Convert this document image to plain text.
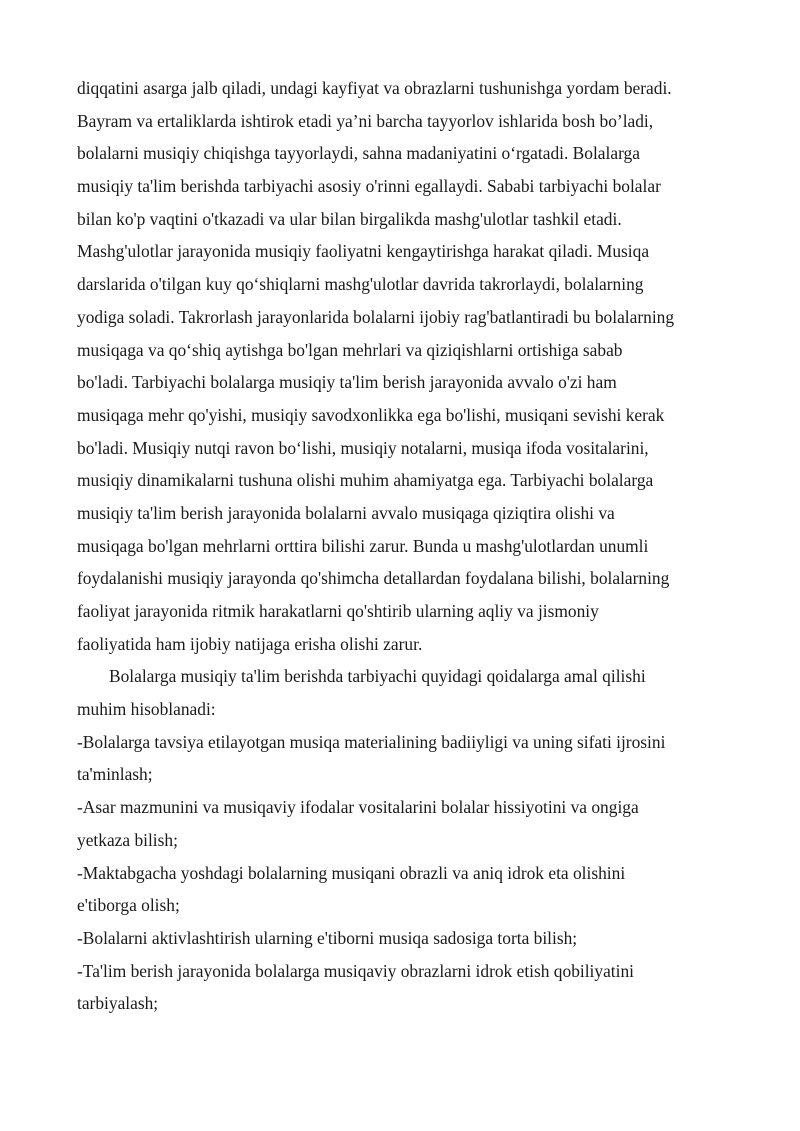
diqqatini asarga jalb qiladi, undagi kayfiyat va obrazlarni tushunishga yordam beradi.
Bayram va ertaliklarda ishtirok etadi ya’ni barcha tayyorlov ishlarida bosh bo’ladi,
bolalarni musiqiy chiqishga tayyorlaydi, sahna madaniyatini o‘rgatadi. Bolalarga
musiqiy ta'lim berishda tarbiyachi asosiy o'rinni egallaydi. Sababi tarbiyachi bolalar
bilan ko'p vaqtini o'tkazadi va ular bilan birgalikda mashg'ulotlar tashkil etadi.
Mashg'ulotlar jarayonida musiqiy faoliyatni kengaytirishga harakat qiladi. Musiqa
darslarida o'tilgan kuy qo‘shiqlarni mashg'ulotlar davrida takrorlaydi, bolalarning
yodiga soladi. Takrorlash jarayonlarida bolalarni ijobiy rag'batlantiradi bu bolalarning
musiqaga va qo‘shiq aytishga bo'lgan mehrlari va qiziqishlarni ortishiga sabab
bo'ladi. Tarbiyachi bolalarga musiqiy ta'lim berish jarayonida avvalo o'zi ham
musiqaga mehr qo'yishi, musiqiy savodxonlikka ega bo'lishi, musiqani sevishi kerak
bo'ladi. Musiqiy nutqi ravon bo‘lishi, musiqiy notalarni, musiqa ifoda vositalarini,
musiqiy dinamikalarni tushuna olishi muhim ahamiyatga ega. Tarbiyachi bolalarga
musiqiy ta'lim berish jarayonida bolalarni avvalo musiqaga qiziqtira olishi va
musiqaga bo'lgan mehrlarni orttira bilishi zarur. Bunda u mashg'ulotlardan unumli
foydalanishi musiqiy jarayonda qo'shimcha detallardan foydalana bilishi, bolalarning
faoliyat jarayonida ritmik harakatlarni qo'shtirib ularning aqliy va jismoniy
faoliyatida ham ijobiy natijaga erisha olishi zarur.
Bolalarga musiqiy ta'lim berishda tarbiyachi quyidagi qoidalarga amal qilishi
muhim hisoblanadi:
-Bolalarga tavsiya etilayotgan musiqa materialining badiiyligi va uning sifati ijrosini
ta'minlash;
-Asar mazmunini va musiqaviy ifodalar vositalarini bolalar hissiyotini va ongiga
yetkaza bilish;
-Maktabgacha yoshdagi bolalarning musiqani obrazli va aniq idrok eta olishini
e'tiborga olish;
-Bolalarni aktivlashtirish ularning e'tiborni musiqa sadosiga torta bilish;
-Ta'lim berish jarayonida bolalarga musiqaviy obrazlarni idrok etish qobiliyatini
tarbiyalash;
